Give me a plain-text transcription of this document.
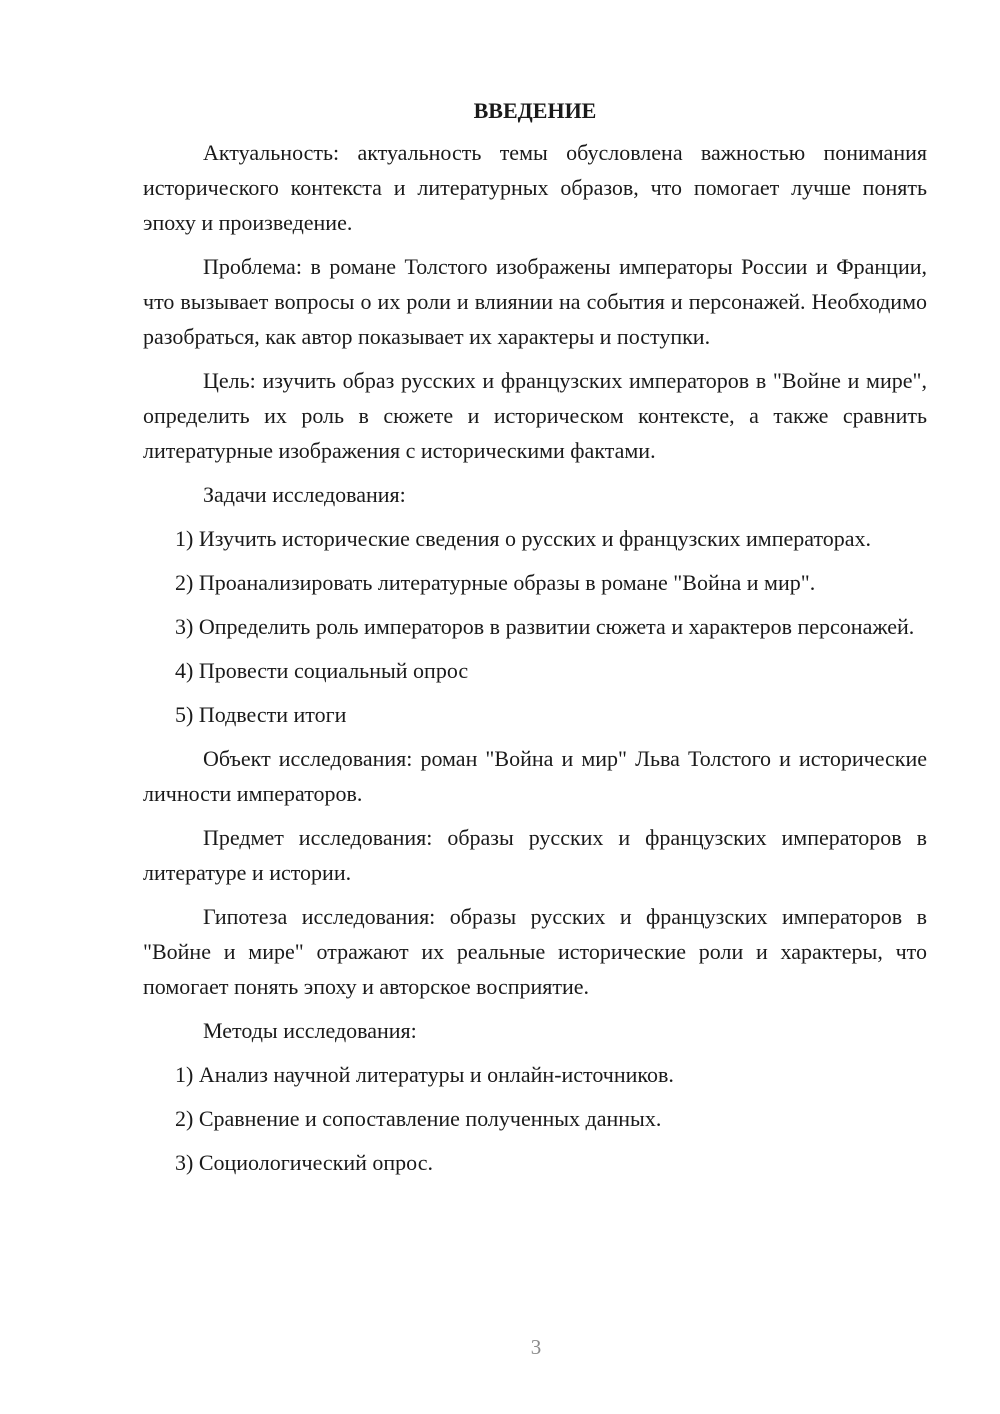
ВВЕДЕНИЕ

Актуальность: актуальность темы обусловлена важностью понимания исторического контекста и литературных образов, что помогает лучше понять эпоху и произведение.

Проблема: в романе Толстого изображены императоры России и Франции, что вызывает вопросы о их роли и влиянии на события и персонажей. Необходимо разобраться, как автор показывает их характеры и поступки.

Цель: изучить образ русских и французских императоров в "Войне и мире", определить их роль в сюжете и историческом контексте, а также сравнить литературные изображения с историческими фактами.

Задачи исследования:

1) Изучить исторические сведения о русских и французских императорах.

2) Проанализировать литературные образы в романе "Война и мир".

3) Определить роль императоров в развитии сюжета и характеров персонажей.

4) Провести социальный опрос

5) Подвести итоги

Объект исследования: роман "Война и мир" Льва Толстого и исторические личности императоров.

Предмет исследования: образы русских и французских императоров в литературе и истории.

Гипотеза исследования: образы русских и французских императоров в "Войне и мире" отражают их реальные исторические роли и характеры, что помогает понять эпоху и авторское восприятие.

Методы исследования:

1) Анализ научной литературы и онлайн-источников.

2) Сравнение и сопоставление полученных данных.

3) Социологический опрос.

3
